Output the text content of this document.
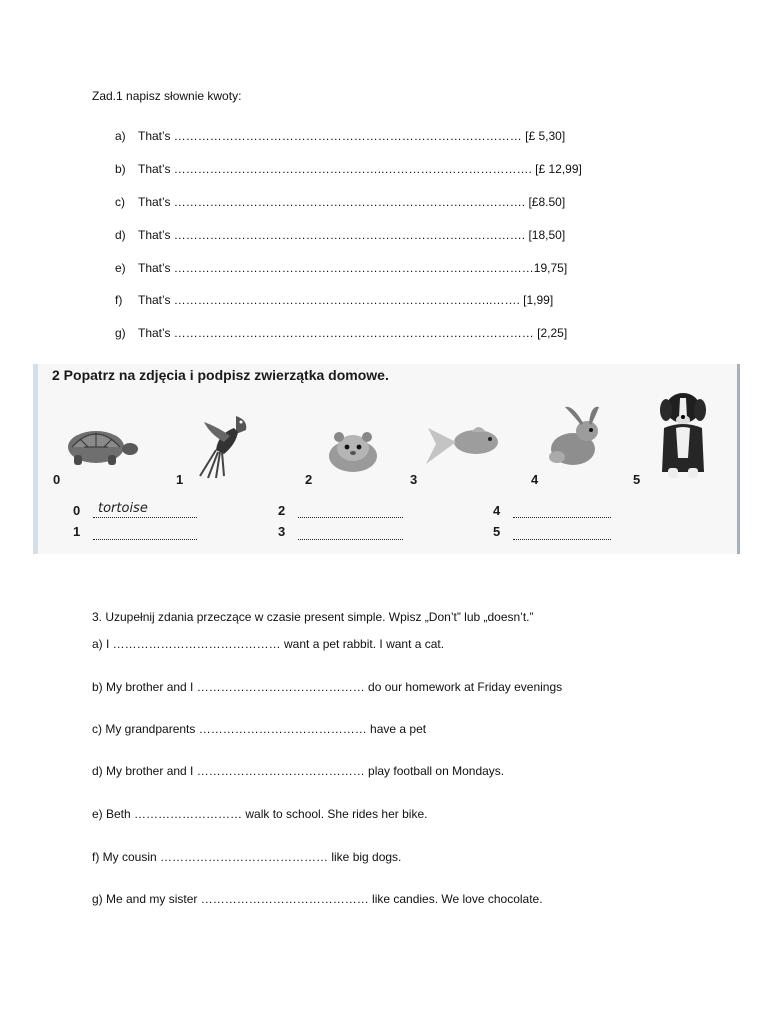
Zad.1 napisz słownie kwoty:
a) That’s …………………………………………………………………………… [£ 5,30]
b) That’s ……………………………………………..………………………………. [£ 12,99]
c) That’s ……………………………………………………………………………. [£8.50]
d) That’s ……………………………………………………………………………. [18,50]
e) That’s ………………………………………………………………………………19,75]
f) That’s ……………………………………………………………………..……. [1,99]
g) That’s ……………………………………………………………………………… [2,25]
2 Popatrz na zdjęcia i podpisz zwierzątka domowe.
0	1	2	3	4	5
0 tortoise
1
2
3
4
5
3. Uzupełnij zdania przeczące w czasie present simple. Wpisz „Don’t” lub „doesn’t.”
a) I …………………………………… want a pet rabbit. I want a cat.
b) My brother and I …………………………………… do our homework at Friday evenings
c) My grandparents …………………………………… have a pet
d) My brother and I …………………………………… play football on Mondays.
e) Beth ……………………… walk to school. She rides her bike.
f) My cousin …………………………………… like big dogs.
g) Me and my sister …………………………………… like candies. We love chocolate.
